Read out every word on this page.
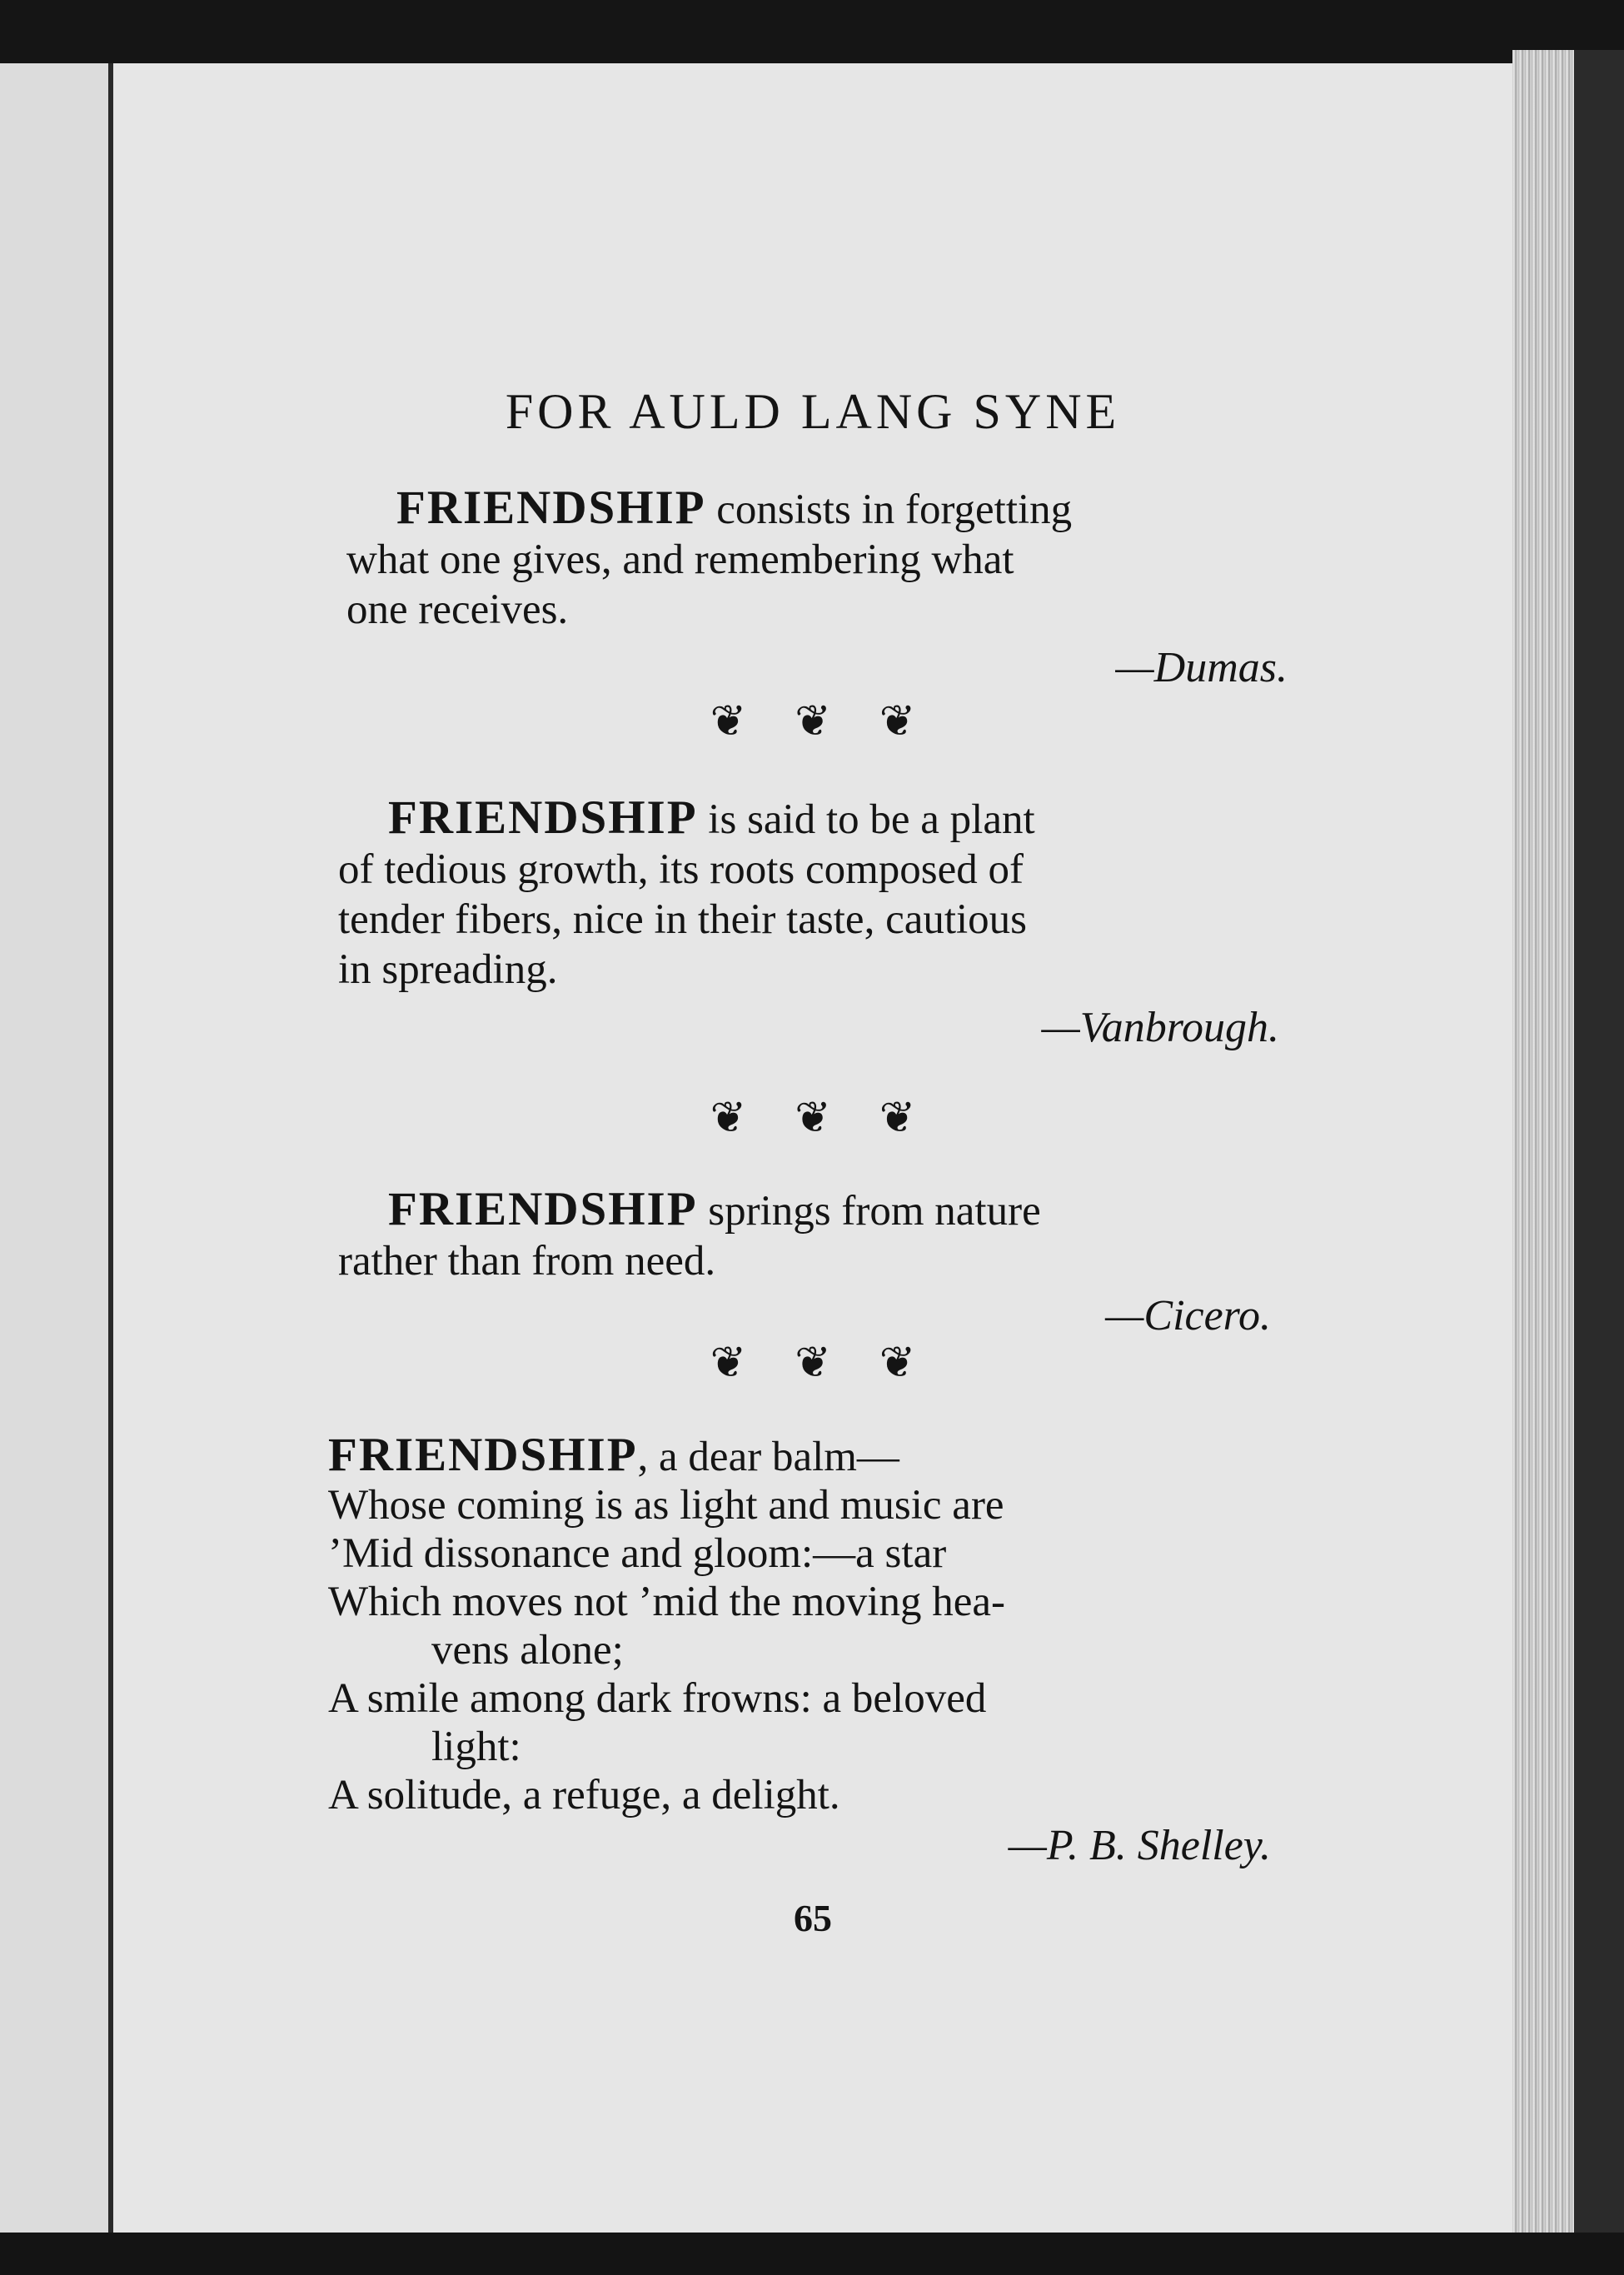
FOR AULD LANG SYNE
FRIENDSHIP consists in forgetting
what one gives, and remembering what
one receives.
—Dumas.
❦❦❦
FRIENDSHIP is said to be a plant
of tedious growth, its roots composed of
tender fibers, nice in their taste, cautious
in spreading.
—Vanbrough.
❦❦❦
FRIENDSHIP springs from nature
rather than from need.
—Cicero.
❦❦❦
FRIENDSHIP, a dear balm—
Whose coming is as light and music are
’Mid dissonance and gloom:—a star
Which moves not ’mid the moving hea-
vens alone;
A smile among dark frowns: a beloved
light:
A solitude, a refuge, a delight.
—P. B. Shelley.
65
